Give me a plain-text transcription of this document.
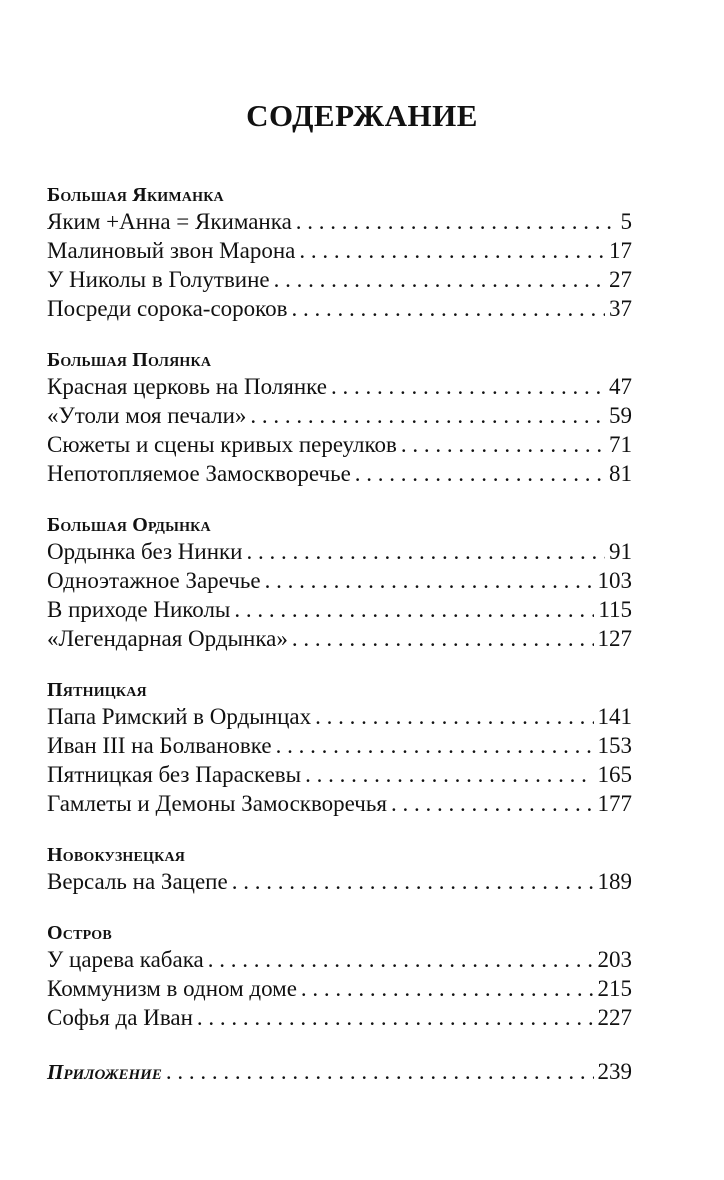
СОДЕРЖАНИЕ
Большая Якиманка
Яким +Анна = Якиманка . . .	5
Малиновый звон Марона . . .	17
У Николы в Голутвине . . .	27
Посреди сорока-сороков . . .	37
Большая Полянка
Красная церковь на Полянке . . .	47
«Утоли моя печали» . . .	59
Сюжеты и сцены кривых переулков . . .	71
Непотопляемое Замоскворечье . . .	81
Большая Ордынка
Ордынка без Нинки . . .	91
Одноэтажное Заречье . . .	103
В приходе Николы . . .	115
«Легендарная Ордынка» . . .	127
Пятницкая
Папа Римский в Ордынцах . . .	141
Иван III на Болвановке . . .	153
Пятницкая без Параскевы . . .	165
Гамлеты и Демоны Замоскворечья . . .	177
Новокузнецкая
Версаль на Зацепе . . .	189
Остров
У царева кабака . . .	203
Коммунизм в одном доме . . .	215
Софья да Иван . . .	227
Приложение . . .	239
